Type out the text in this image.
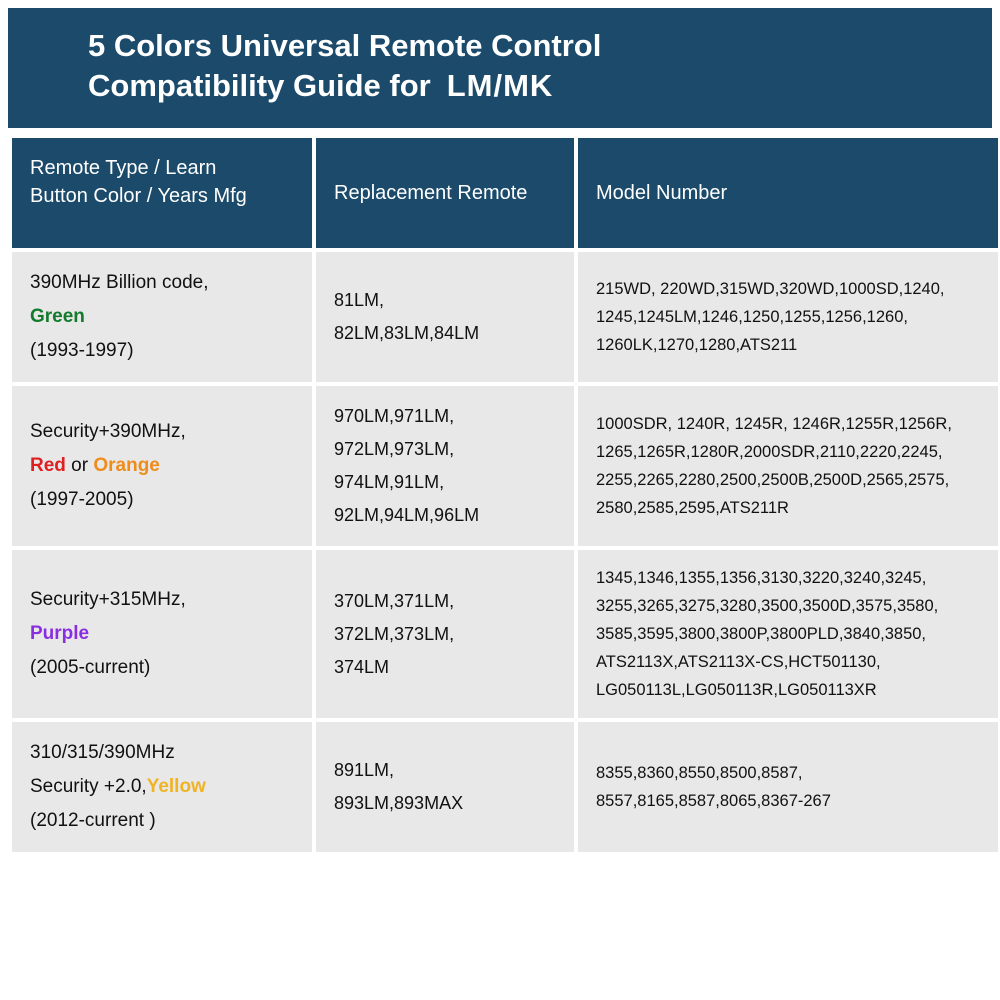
5 Colors Universal Remote Control
Compatibility Guide for LM/MK
Remote Type / Learn
Button Color / Years Mfg	Replacement Remote	Model Number

390MHz Billion code,
Green
(1993-1997)	81LM,
82LM,83LM,84LM	215WD, 220WD,315WD,320WD,1000SD,1240,
1245,1245LM,1246,1250,1255,1256,1260,
1260LK,1270,1280,ATS211

Security+390MHz,
Red or Orange
(1997-2005)	970LM,971LM,
972LM,973LM,
974LM,91LM,
92LM,94LM,96LM	1000SDR, 1240R, 1245R, 1246R,1255R,1256R,
1265,1265R,1280R,2000SDR,2110,2220,2245,
2255,2265,2280,2500,2500B,2500D,2565,2575,
2580,2585,2595,ATS211R

Security+315MHz,
Purple
(2005-current)	370LM,371LM,
372LM,373LM,
374LM	1345,1346,1355,1356,3130,3220,3240,3245,
3255,3265,3275,3280,3500,3500D,3575,3580,
3585,3595,3800,3800P,3800PLD,3840,3850,
ATS2113X,ATS2113X-CS,HCT501130,
LG050113L,LG050113R,LG050113XR

310/315/390MHz
Security +2.0,Yellow
(2012-current )	891LM,
893LM,893MAX	8355,8360,8550,8500,8587,
8557,8165,8587,8065,8367-267
